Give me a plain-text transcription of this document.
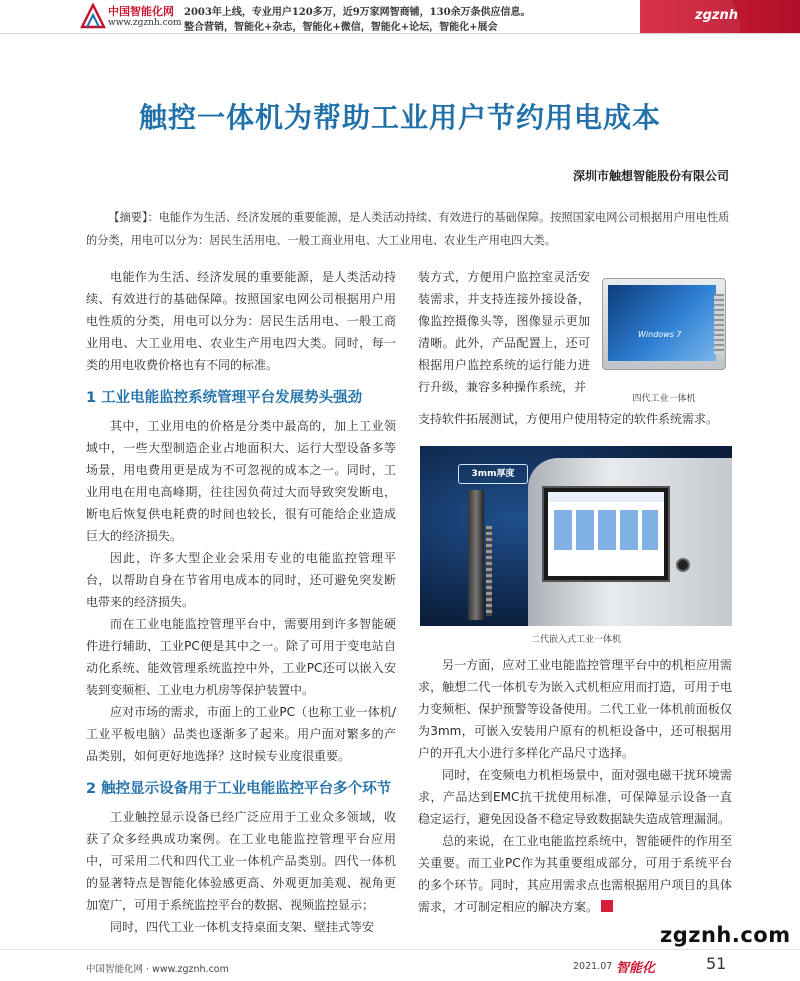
中国智能化网
www.zgznh.com
2003年上线，专业用户120多万，近9万家网智商铺，130余万条供应信息。
整合营销，智能化+杂志，智能化+微信，智能化+论坛，智能化+展会
zgznh
触控一体机为帮助工业用户节约用电成本
深圳市触想智能股份有限公司
【摘要】：电能作为生活、经济发展的重要能源，是人类活动持续、有效进行的基础保障。按照国家电网公司根据用户用电性质的分类，用电可以分为：居民生活用电、一般工商业用电、大工业用电、农业生产用电四大类。

电能作为生活、经济发展的重要能源，是人类活动持续、有效进行的基础保障。按照国家电网公司根据用户用电性质的分类，用电可以分为：居民生活用电、一般工商业用电、大工业用电、农业生产用电四大类。同时，每一类的用电收费价格也有不同的标准。

1 工业电能监控系统管理平台发展势头强劲

其中，工业用电的价格是分类中最高的，加上工业领域中，一些大型制造企业占地面积大、运行大型设备多等场景，用电费用更是成为不可忽视的成本之一。同时，工业用电在用电高峰期，往往因负荷过大而导致突发断电，断电后恢复供电耗费的时间也较长，很有可能给企业造成巨大的经济损失。

因此，许多大型企业会采用专业的电能监控管理平台，以帮助自身在节省用电成本的同时，还可避免突发断电带来的经济损失。

而在工业电能监控管理平台中，需要用到许多智能硬件进行辅助，工业PC便是其中之一。除了可用于变电站自动化系统、能效管理系统监控中外，工业PC还可以嵌入安装到变频柜、工业电力机房等保护装置中。

应对市场的需求，市面上的工业PC（也称工业一体机/工业平板电脑）品类也逐渐多了起来。用户面对繁多的产品类别，如何更好地选择？这时候专业度很重要。

2 触控显示设备用于工业电能监控平台多个环节

工业触控显示设备已经广泛应用于工业众多领域，收获了众多经典成功案例。在工业电能监控管理平台应用中，可采用二代和四代工业一体机产品类别。四代一体机的显著特点是智能化体验感更高、外观更加美观、视角更加宽广，可用于系统监控平台的数据、视频监控显示；

同时，四代工业一体机支持桌面支架、壁挂式等安

装方式，方便用户监控室灵活安装需求，并支持连接外接设备，像监控摄像头等，图像显示更加清晰。此外，产品配置上，还可根据用户监控系统的运行能力进行升级，兼容多种操作系统，并

Windows 7
四代工业一体机

支持软件拓展测试，方便用户使用特定的软件系统需求。

3mm厚度
二代嵌入式工业一体机

另一方面，应对工业电能监控管理平台中的机柜应用需求，触想二代一体机专为嵌入式机柜应用而打造，可用于电力变频柜、保护预警等设备使用。二代工业一体机前面板仅为3mm，可嵌入安装用户原有的机柜设备中，还可根据用户的开孔大小进行多样化产品尺寸选择。

同时，在变频电力机柜场景中，面对强电磁干扰环境需求，产品达到EMC抗干扰使用标准，可保障显示设备一直稳定运行，避免因设备不稳定导致数据缺失造成管理漏洞。

总的来说，在工业电能监控系统中，智能硬件的作用至关重要。而工业PC作为其重要组成部分，可用于系统平台的多个环节。同时，其应用需求点也需根据用户项目的具体需求，才可制定相应的解决方案。

zgznh.com
中国智能化网 · www.zgznh.com	2021.07 智能化	51
